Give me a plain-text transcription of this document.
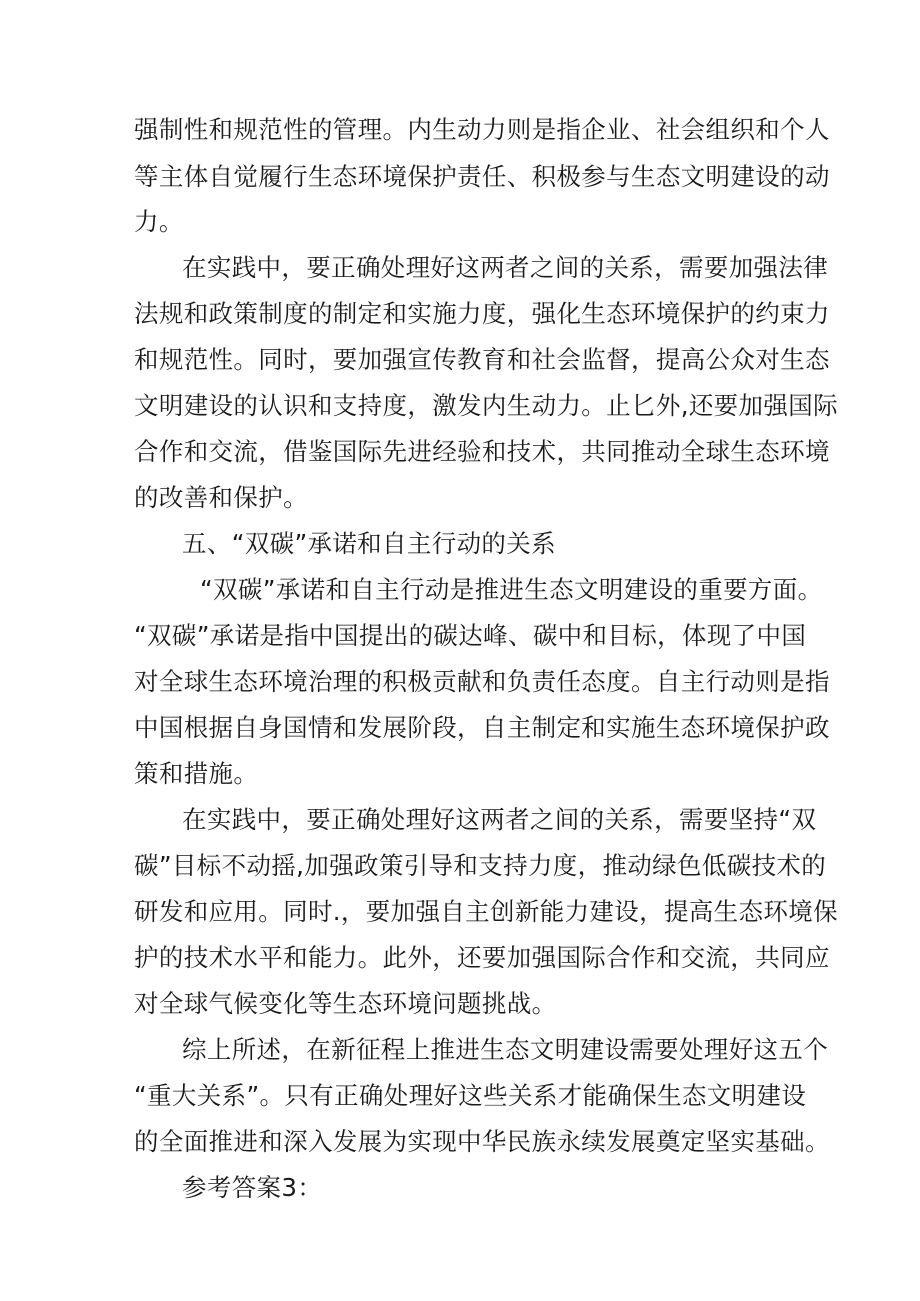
强制性和规范性的管理。内生动力则是指企业、社会组织和个人
等主体自觉履行生态环境保护责任、积极参与生态文明建设的动
力。
在实践中，要正确处理好这两者之间的关系，需要加强法律
法规和政策制度的制定和实施力度，强化生态环境保护的约束力
和规范性。同时，要加强宣传教育和社会监督，提高公众对生态
文明建设的认识和支持度，激发内生动力。止匕外,还要加强国际
合作和交流，借鉴国际先进经验和技术，共同推动全球生态环境
的改善和保护。
五、“双碳”承诺和自主行动的关系
“双碳”承诺和自主行动是推进生态文明建设的重要方面。
“双碳”承诺是指中国提出的碳达峰、碳中和目标，体现了中国
对全球生态环境治理的积极贡献和负责任态度。自主行动则是指
中国根据自身国情和发展阶段，自主制定和实施生态环境保护政
策和措施。
在实践中，要正确处理好这两者之间的关系，需要坚持“双
碳”目标不动摇,加强政策引导和支持力度，推动绿色低碳技术的
研发和应用。同时.，要加强自主创新能力建设，提高生态环境保
护的技术水平和能力。此外，还要加强国际合作和交流，共同应
对全球气候变化等生态环境问题挑战。
综上所述，在新征程上推进生态文明建设需要处理好这五个
“重大关系”。只有正确处理好这些关系才能确保生态文明建设
的全面推进和深入发展为实现中华民族永续发展奠定坚实基础。
参考答案3：
